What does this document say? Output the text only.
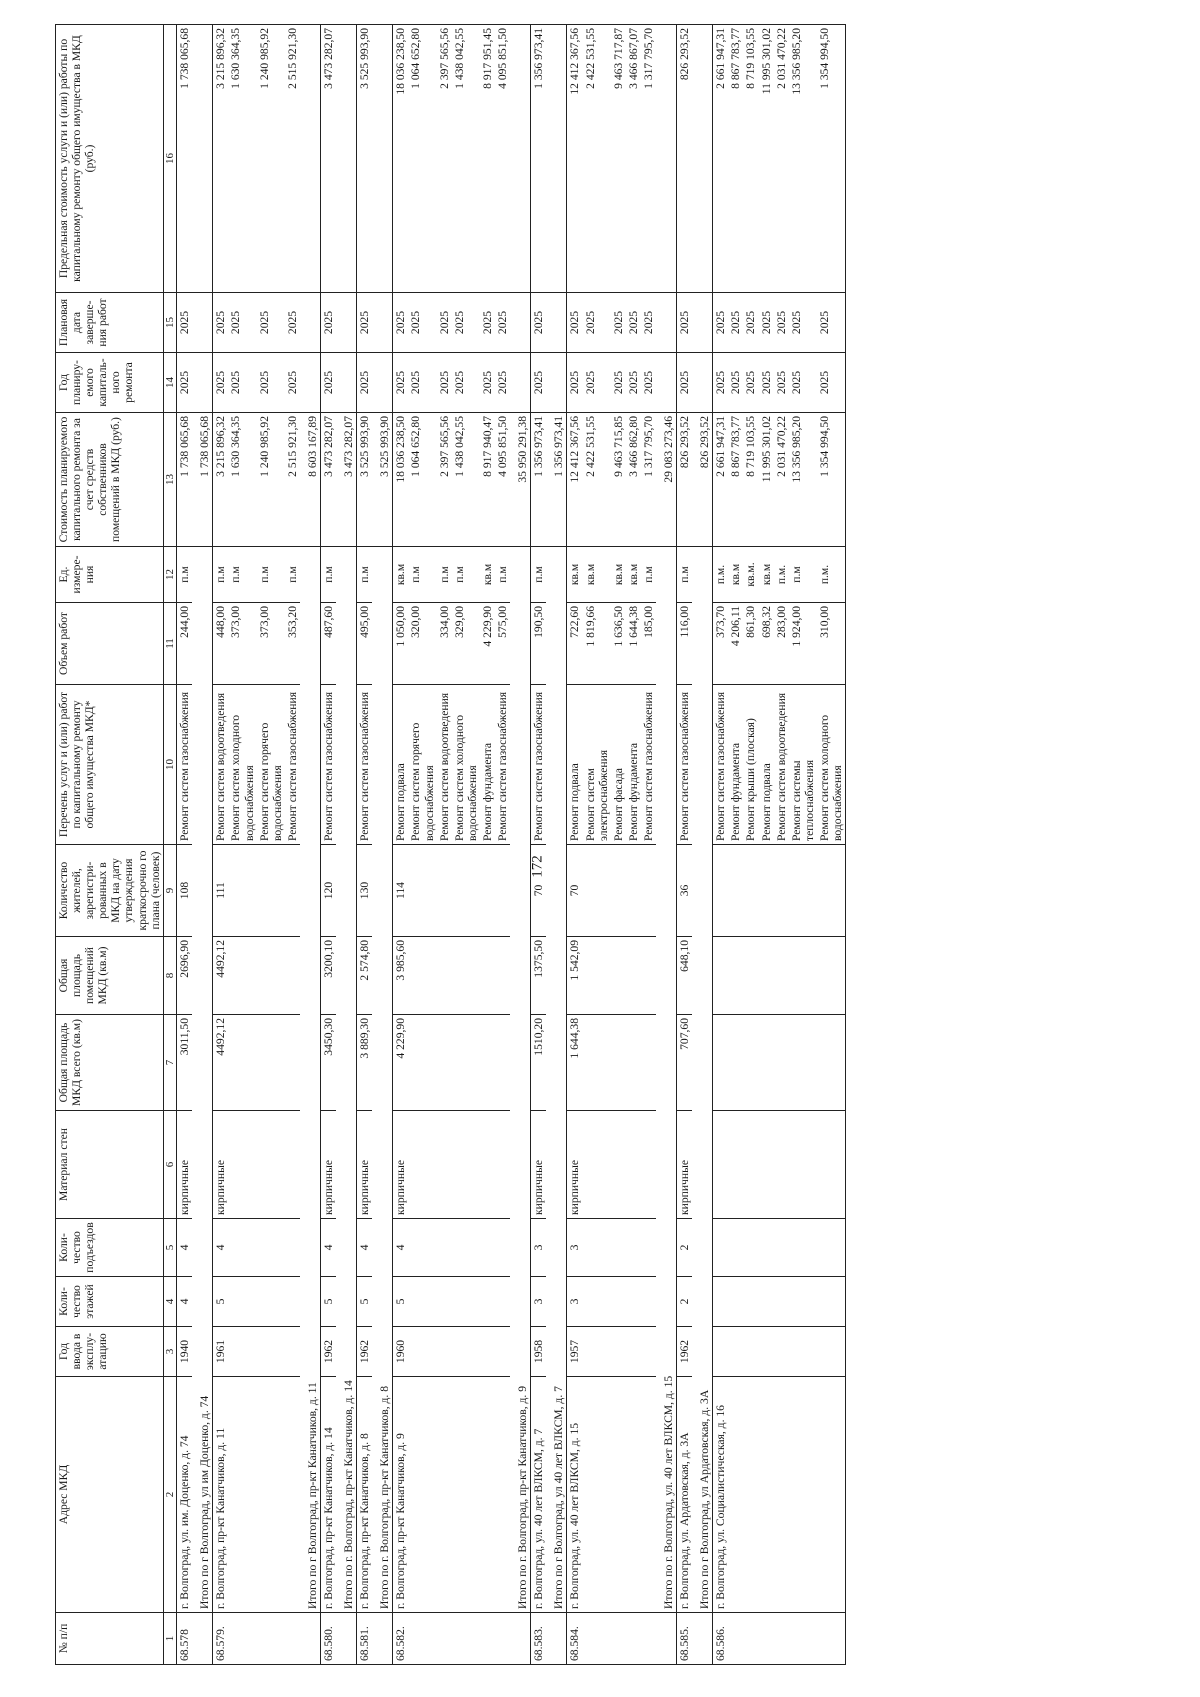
172
№ п/п	Адрес МКД	Год ввода в эксплу-атацию	Коли-чество этажей	Коли-чество подъездов	Материал стен	Общая площадь МКД всего (кв.м)	Общая площадь помещений МКД (кв.м)	Количество жителей, зарегистри-рованных в МКД на дату утверждения краткосрочно го плана (человек)	Перечень услуг и (или) работ по капитальному ремонту общего имущества МКД*	Объем работ	Ед. измере-ния	Стоимость планируемого капитального ремонта за счет средств собственников помещений в МКД (руб.)	Год планиру-емого капиталь-ного ремонта	Плановая дата заверше-ния работ	Предельная стоимость услуги и (или) работы по капитальному ремонту общего имущества в МКД (руб.)
1	2	3	4	5	6	7	8	9	10	11	12	13	14	15	16
68.578	г. Волгоград, ул. им. Доценко, д. 74	1940	4	4	кирпичные	3011,50	2696,90	108	Ремонт систем газоснабжения	244,00	п.м	1 738 065,68	2025	2025	1 738 065,68
	Итого по г Волгоград, ул им Доценко, д. 74											1 738 065,68			
68.579.	г. Волгоград, пр-кт Канатчиков, д. 11	1961	5	4	кирпичные	4492,12	4492,12	111	Ремонт систем водоотведения	448,00	п.м	3 215 896,32	2025	2025	3 215 896,32
									Ремонт систем холодного водоснабжения	373,00	п.м	1 630 364,35	2025	2025	1 630 364,35
									Ремонт систем горячего водоснабжения	373,00	п.м	1 240 985,92	2025	2025	1 240 985,92
									Ремонт систем газоснабжения	353,20	п.м	2 515 921,30	2025	2025	2 515 921,30
	Итого по г Волгоград, пр-кт Канатчиков, д. 11											8 603 167,89			
68.580.	г. Волгоград, пр-кт Канатчиков, д. 14	1962	5	4	кирпичные	3450,30	3200,10	120	Ремонт систем газоснабжения	487,60	п.м	3 473 282,07	2025	2025	3 473 282,07
	Итого по г. Волгоград, пр-кт Канатчиков, д. 14											3 473 282,07			
68.581.	г. Волгоград, пр-кт Канатчиков, д. 8	1962	5	4	кирпичные	3 889,30	2 574,80	130	Ремонт систем газоснабжения	495,00	п.м	3 525 993,90	2025	2025	3 525 993,90
	Итого по г. Волгоград, пр-кт Канатчиков, д. 8											3 525 993,90			
68.582.	г. Волгоград, пр-кт Канатчиков, д. 9	1960	5	4	кирпичные	4 229,90	3 985,60	114	Ремонт подвала	1 050,00	кв.м	18 036 238,50	2025	2025	18 036 238,50
									Ремонт систем горячего водоснабжения	320,00	п.м	1 064 652,80	2025	2025	1 064 652,80
									Ремонт систем водоотведения	334,00	п.м	2 397 565,56	2025	2025	2 397 565,56
									Ремонт систем холодного водоснабжения	329,00	п.м	1 438 042,55	2025	2025	1 438 042,55
									Ремонт фундамента	4 229,90	кв.м	8 917 940,47	2025	2025	8 917 951,45
									Ремонт систем газоснабжения	575,00	п.м	4 095 851,50	2025	2025	4 095 851,50
	Итого по г. Волгоград, пр-кт Канатчиков, д. 9											35 950 291,38			
68.583.	г. Волгоград, ул. 40 лет ВЛКСМ, д. 7	1958	3	3	кирпичные	1510,20	1375,50	70	Ремонт систем газоснабжения	190,50	п.м	1 356 973,41	2025	2025	1 356 973,41
	Итого по г Волгоград, ул 40 лет ВЛКСМ, д. 7											1 356 973,41			
68.584.	г. Волгоград, ул. 40 лет ВЛКСМ, д. 15	1957	3	3	кирпичные	1 644,38	1 542,09	70	Ремонт подвала	722,60	кв.м	12 412 367,56	2025	2025	12 412 367,56
									Ремонт систем электроснабжения	1 819,66	кв.м	2 422 531,55	2025	2025	2 422 531,55
									Ремонт фасада	1 636,50	кв.м	9 463 715,85	2025	2025	9 463 717,87
									Ремонт фундамента	1 644,38	кв.м	3 466 862,80	2025	2025	3 466 867,07
									Ремонт систем газоснабжения	185,00	п.м	1 317 795,70	2025	2025	1 317 795,70
	Итого по г. Волгоград, ул. 40 лет ВЛКСМ, д. 15											29 083 273,46			
68.585.	г. Волгоград, ул. Ардатовская, д. 3А	1962	2	2	кирпичные	707,60	648,10	36	Ремонт систем газоснабжения	116,00	п.м	826 293,52	2025	2025	826 293,52
	Итого по г Волгоград, ул Ардатовская, д. 3А											826 293,52			
68.586.	г. Волгоград, ул. Социалистическая, д. 16								Ремонт систем газоснабжения	373,70	п.м.	2 661 947,31	2025	2025	2 661 947,31
									Ремонт фундамента	4 206,11	кв.м	8 867 783,77	2025	2025	8 867 783,77
									Ремонт крыши (плоская)	861,30	кв.м.	8 719 103,55	2025	2025	8 719 103,55
									Ремонт подвала	698,32	кв.м	11 995 301,02	2025	2025	11 995 301,02
									Ремонт систем водоотведения	283,00	п.м.	2 031 470,22	2025	2025	2 031 470,22
									Ремонт системы теплоснабжения	1 924,00	п.м	13 356 985,20	2025	2025	13 356 985,20
									Ремонт систем холодного водоснабжения	310,00	п.м.	1 354 994,50	2025	2025	1 354 994,50
